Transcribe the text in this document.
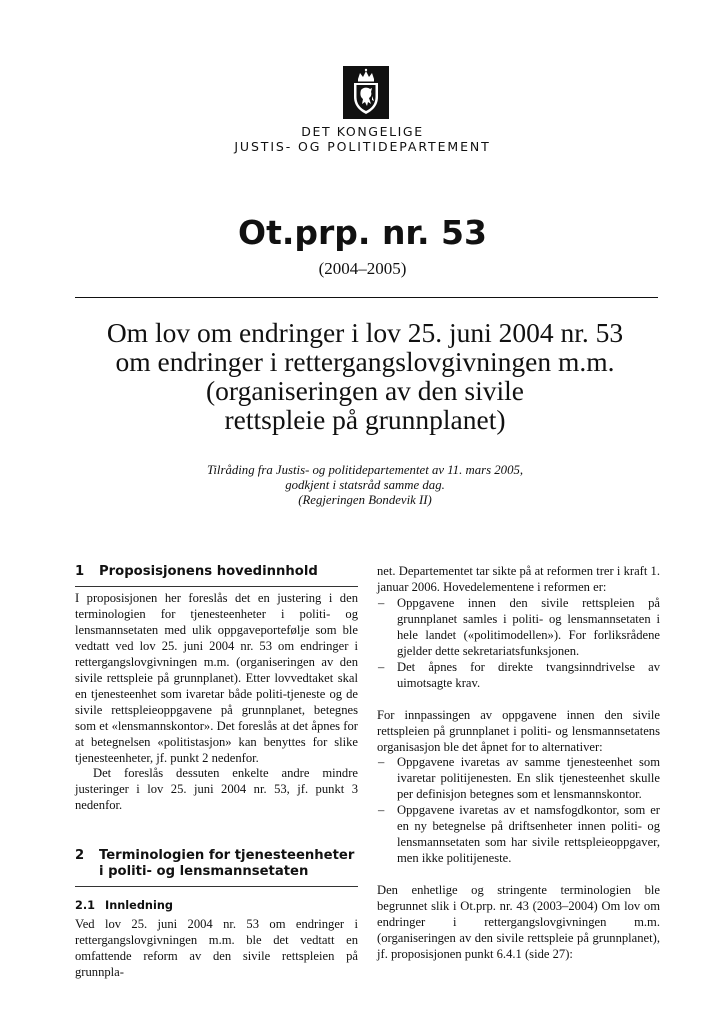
DET KONGELIGE
JUSTIS- OG POLITIDEPARTEMENT
Ot.prp. nr. 53
(2004–2005)
Om lov om endringer i lov 25. juni 2004 nr. 53
om endringer i rettergangslovgivningen m.m.
(organiseringen av den sivile
rettspleie på grunnplanet)
Tilråding fra Justis- og politidepartementet av 11. mars 2005,
godkjent i statsråd samme dag.
(Regjeringen Bondevik II)
1 Proposisjonens hovedinnhold

I proposisjonen her foreslås det en justering i den terminologien for tjenesteenheter i politi- og lensmannsetaten med ulik oppgaveportefølje som ble vedtatt ved lov 25. juni 2004 nr. 53 om endringer i rettergangslovgivningen m.m. (organiseringen av den sivile rettspleie på grunnplanet). Etter lovvedtaket skal en tjenesteenhet som ivaretar både politi-tjeneste og de sivile rettspleieoppgavene på grunnplanet, betegnes som et «lensmannskontor». Det foreslås at det åpnes for at betegnelsen «politistasjon» kan benyttes for slike tjenesteenheter, jf. punkt 2 nedenfor.

Det foreslås dessuten enkelte andre mindre justeringer i lov 25. juni 2004 nr. 53, jf. punkt 3 nedenfor.

2 Terminologien for tjenesteenheter i politi- og lensmannsetaten
2.1 Innledning

Ved lov 25. juni 2004 nr. 53 om endringer i rettergangslovgivningen m.m. ble det vedtatt en omfattende reform av den sivile rettspleien på grunnpla-

net. Departementet tar sikte på at reformen trer i kraft 1. januar 2006. Hovedelementene i reformen er:

– Oppgavene innen den sivile rettspleien på grunnplanet samles i politi- og lensmannsetaten i hele landet («politimodellen»). For forliksrådene gjelder dette sekretariatsfunksjonen.

– Det åpnes for direkte tvangsinndrivelse av uimotsagte krav.

For innpassingen av oppgavene innen den sivile rettspleien på grunnplanet i politi- og lensmannsetatens organisasjon ble det åpnet for to alternativer:

– Oppgavene ivaretas av samme tjenesteenhet som ivaretar politijenesten. En slik tjenesteenhet skulle per definisjon betegnes som et lensmannskontor.

– Oppgavene ivaretas av et namsfogdkontor, som er en ny betegnelse på driftsenheter innen politi- og lensmannsetaten som har sivile rettspleieoppgaver, men ikke politijeneste.

Den enhetlige og stringente terminologien ble begrunnet slik i Ot.prp. nr. 43 (2003–2004) Om lov om endringer i rettergangslovgivningen m.m. (organiseringen av den sivile rettspleie på grunnplanet), jf. proposisjonen punkt 6.4.1 (side 27):
